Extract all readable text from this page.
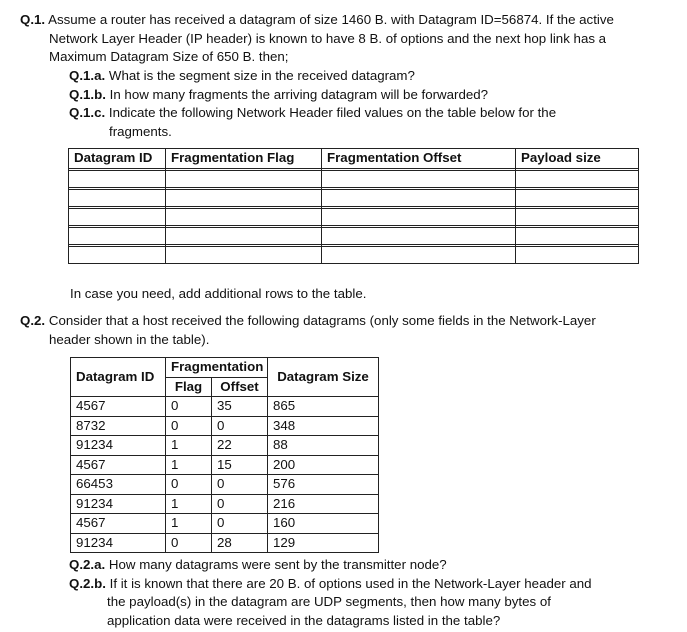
Q.1. Assume a router has received a datagram of size 1460 B. with Datagram ID=56874. If the active
Network Layer Header (IP header) is known to have 8 B. of options and the next hop link has a
Maximum Datagram Size of 650 B. then;
Q.1.a. What is the segment size in the received datagram?
Q.1.b. In how many fragments the arriving datagram will be forwarded?
Q.1.c. Indicate the following Network Header filed values on the table below for the
fragments.
Datagram ID	Fragmentation Flag	Fragmentation Offset	Payload size

In case you need, add additional rows to the table.
Q.2. Consider that a host received the following datagrams (only some fields in the Network-Layer
header shown in the table).
Datagram ID	Fragmentation		Datagram Size
	Flag	Offset	
4567	0	35	865
8732	0	0	348
91234	1	22	88
4567	1	15	200
66453	0	0	576
91234	1	0	216
4567	1	0	160
91234	0	28	129
Q.2.a. How many datagrams were sent by the transmitter node?
Q.2.b. If it is known that there are 20 B. of options used in the Network-Layer header and
the payload(s) in the datagram are UDP segments, then how many bytes of
application data were received in the datagrams listed in the table?
